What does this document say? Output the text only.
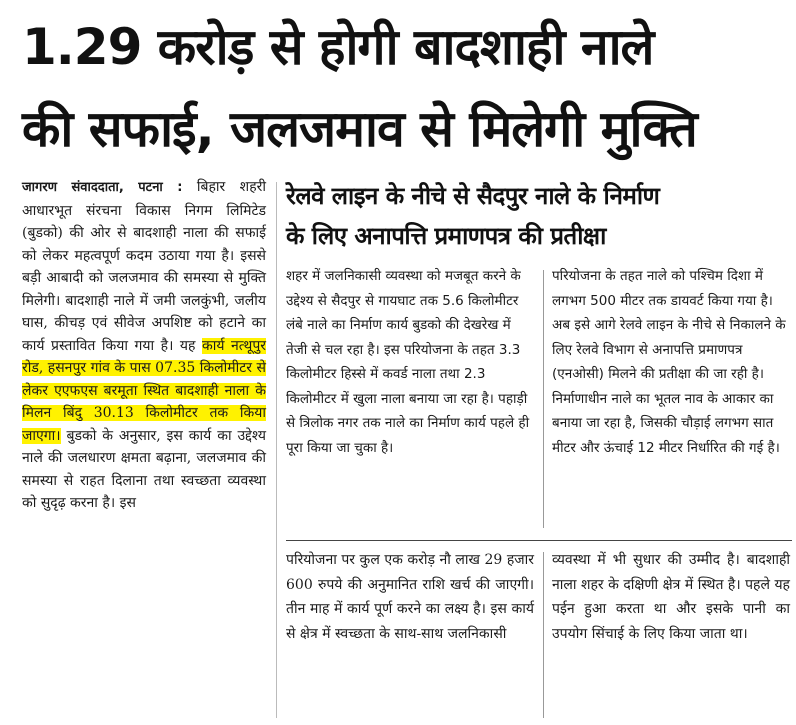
1.29 करोड़ से होगी बादशाही नाले
की सफाई, जलजमाव से मिलेगी मुक्ति
जागरण संवाददाता, पटना : बिहार शहरी आधारभूत संरचना विकास निगम लिमिटेड (बुडको) की ओर से बादशाही नाला की सफाई को लेकर महत्वपूर्ण कदम उठाया गया है। इससे बड़ी आबादी को जलजमाव की समस्या से मुक्ति मिलेगी। बादशाही नाले में जमी जलकुंभी, जलीय घास, कीचड़ एवं सीवेज अपशिष्ट को हटाने का कार्य प्रस्तावित किया गया है। यह कार्य नत्थूपुर रोड, हसनपुर गांव के पास 07.35 किलोमीटर से लेकर एएफएस बरमूता स्थित बादशाही नाला के मिलन बिंदु 30.13 किलोमीटर तक किया जाएगा। बुडको के अनुसार, इस कार्य का उद्देश्य नाले की जलधारण क्षमता बढ़ाना, जलजमाव की समस्या से राहत दिलाना तथा स्वच्छता व्यवस्था को सुदृढ़ करना है। इस
रेलवे लाइन के नीचे से सैदपुर नाले के निर्माण
के लिए अनापत्ति प्रमाणपत्र की प्रतीक्षा
शहर में जलनिकासी व्यवस्था को मजबूत करने के उद्देश्य से सैदपुर से गायघाट तक 5.6 किलोमीटर लंबे नाले का निर्माण कार्य बुडको की देखरेख में तेजी से चल रहा है। इस परियोजना के तहत 3.3 किलोमीटर हिस्से में कवर्ड नाला तथा 2.3 किलोमीटर में खुला नाला बनाया जा रहा है। पहाड़ी से त्रिलोक नगर तक नाले का निर्माण कार्य पहले ही पूरा किया जा चुका है।
परियोजना के तहत नाले को पश्चिम दिशा में लगभग 500 मीटर तक डायवर्ट किया गया है। अब इसे आगे रेलवे लाइन के नीचे से निकालने के लिए रेलवे विभाग से अनापत्ति प्रमाणपत्र (एनओसी) मिलने की प्रतीक्षा की जा रही है। निर्माणाधीन नाले का भूतल नाव के आकार का बनाया जा रहा है, जिसकी चौड़ाई लगभग सात मीटर और ऊंचाई 12 मीटर निर्धारित की गई है।
परियोजना पर कुल एक करोड़ नौ लाख 29 हजार 600 रुपये की अनुमानित राशि खर्च की जाएगी। तीन माह में कार्य पूर्ण करने का लक्ष्य है। इस कार्य से क्षेत्र में स्वच्छता के साथ-साथ जलनिकासी
व्यवस्था में भी सुधार की उम्मीद है। बादशाही नाला शहर के दक्षिणी क्षेत्र में स्थित है। पहले यह पईन हुआ करता था और इसके पानी का उपयोग सिंचाई के लिए किया जाता था।
